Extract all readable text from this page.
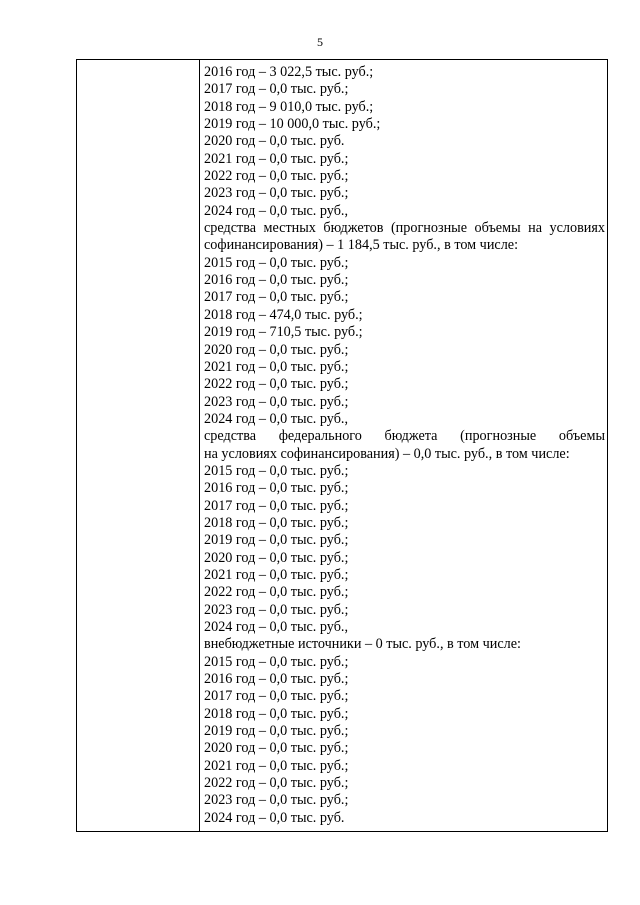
5

2016 год – 3 022,5 тыс. руб.;
2017 год – 0,0 тыс. руб.;
2018 год – 9 010,0 тыс. руб.;
2019 год – 10 000,0 тыс. руб.;
2020 год – 0,0 тыс. руб.
2021 год – 0,0 тыс. руб.;
2022 год – 0,0 тыс. руб.;
2023 год – 0,0 тыс. руб.;
2024 год – 0,0 тыс. руб.,
средства местных бюджетов (прогнозные объемы на условиях
софинансирования) – 1 184,5 тыс. руб., в том числе:
2015 год – 0,0 тыс. руб.;
2016 год – 0,0 тыс. руб.;
2017 год – 0,0 тыс. руб.;
2018 год – 474,0 тыс. руб.;
2019 год – 710,5 тыс. руб.;
2020 год – 0,0 тыс. руб.;
2021 год – 0,0 тыс. руб.;
2022 год – 0,0 тыс. руб.;
2023 год – 0,0 тыс. руб.;
2024 год – 0,0 тыс. руб.,
средства федерального бюджета (прогнозные объемы
на условиях софинансирования) – 0,0 тыс. руб., в том числе:
2015 год – 0,0 тыс. руб.;
2016 год – 0,0 тыс. руб.;
2017 год – 0,0 тыс. руб.;
2018 год – 0,0 тыс. руб.;
2019 год – 0,0 тыс. руб.;
2020 год – 0,0 тыс. руб.;
2021 год – 0,0 тыс. руб.;
2022 год – 0,0 тыс. руб.;
2023 год – 0,0 тыс. руб.;
2024 год – 0,0 тыс. руб.,
внебюджетные источники – 0 тыс. руб., в том числе:
2015 год – 0,0 тыс. руб.;
2016 год – 0,0 тыс. руб.;
2017 год – 0,0 тыс. руб.;
2018 год – 0,0 тыс. руб.;
2019 год – 0,0 тыс. руб.;
2020 год – 0,0 тыс. руб.;
2021 год – 0,0 тыс. руб.;
2022 год – 0,0 тыс. руб.;
2023 год – 0,0 тыс. руб.;
2024 год – 0,0 тыс. руб.
